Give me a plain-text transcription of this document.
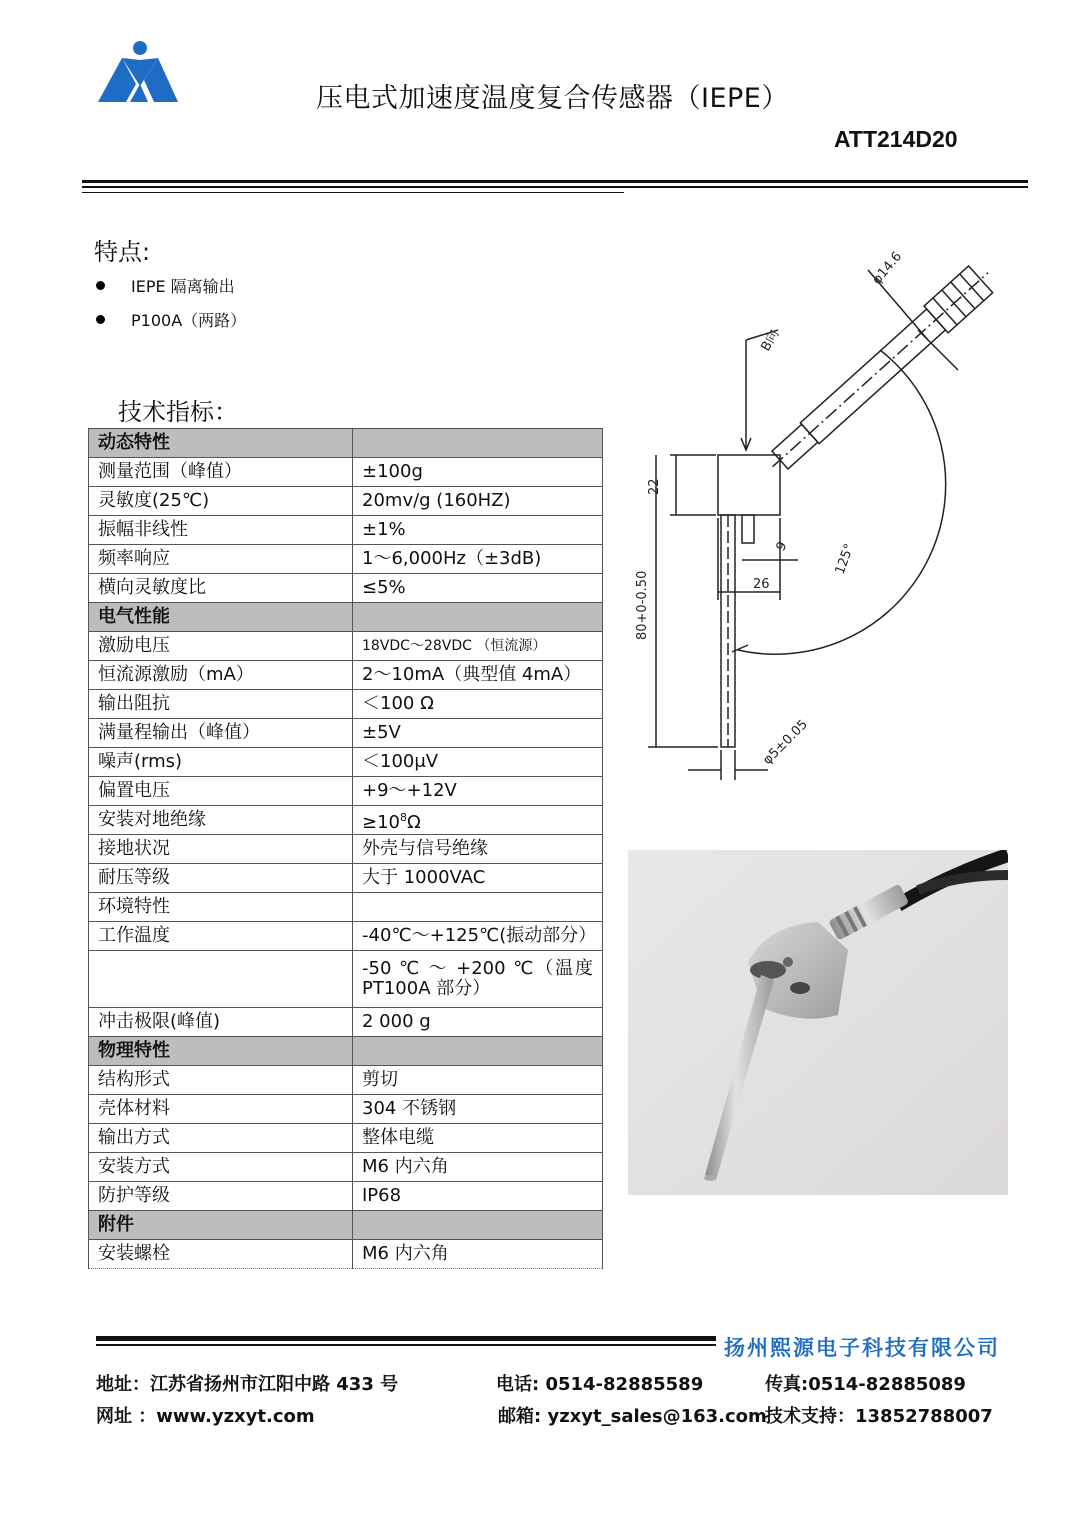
压电式加速度温度复合传感器（IEPE）
ATT214D20
特点:
IEPE 隔离输出
P100A（两路）
技术指标：
动态特性	
测量范围（峰值）	±100g
灵敏度(25℃)	20mv/g (160HZ)
振幅非线性	±1%
频率响应	1～6,000Hz（±3dB)
横向灵敏度比	≤5%
电气性能	
激励电压	18VDC～28VDC （恒流源）
恒流源激励（mA）	2～10mA（典型值 4mA）
输出阻抗	＜100 Ω
满量程输出（峰值）	±5V
噪声(rms)	＜100μV
偏置电压	+9～+12V
安装对地绝缘	$\ge 10^8\Omega$
接地状况	外壳与信号绝缘
耐压等级	大于 1000VAC
环境特性	
工作温度	-40℃～+125℃(振动部分）
	-50 ℃ ～ +200 ℃（温度PT100A 部分）
冲击极限(峰值)	2 000 g
物理特性	
结构形式	剪切
壳体材料	304 不锈钢
输出方式	整体电缆
安装方式	M6 内六角
防护等级	IP68
附件	
安装螺栓	M6 内六角
22
80+0-0.50	26
9	125°
B向
φ14.6
φ5±0.05
扬州熙源电子科技有限公司
地址：江苏省扬州市江阳中路 433 号	电话: 0514-82885589	传真:0514-82885089
网址 ：www.yzxyt.com	邮箱: yzxyt_sales@163.com
技术支持：13852788007
